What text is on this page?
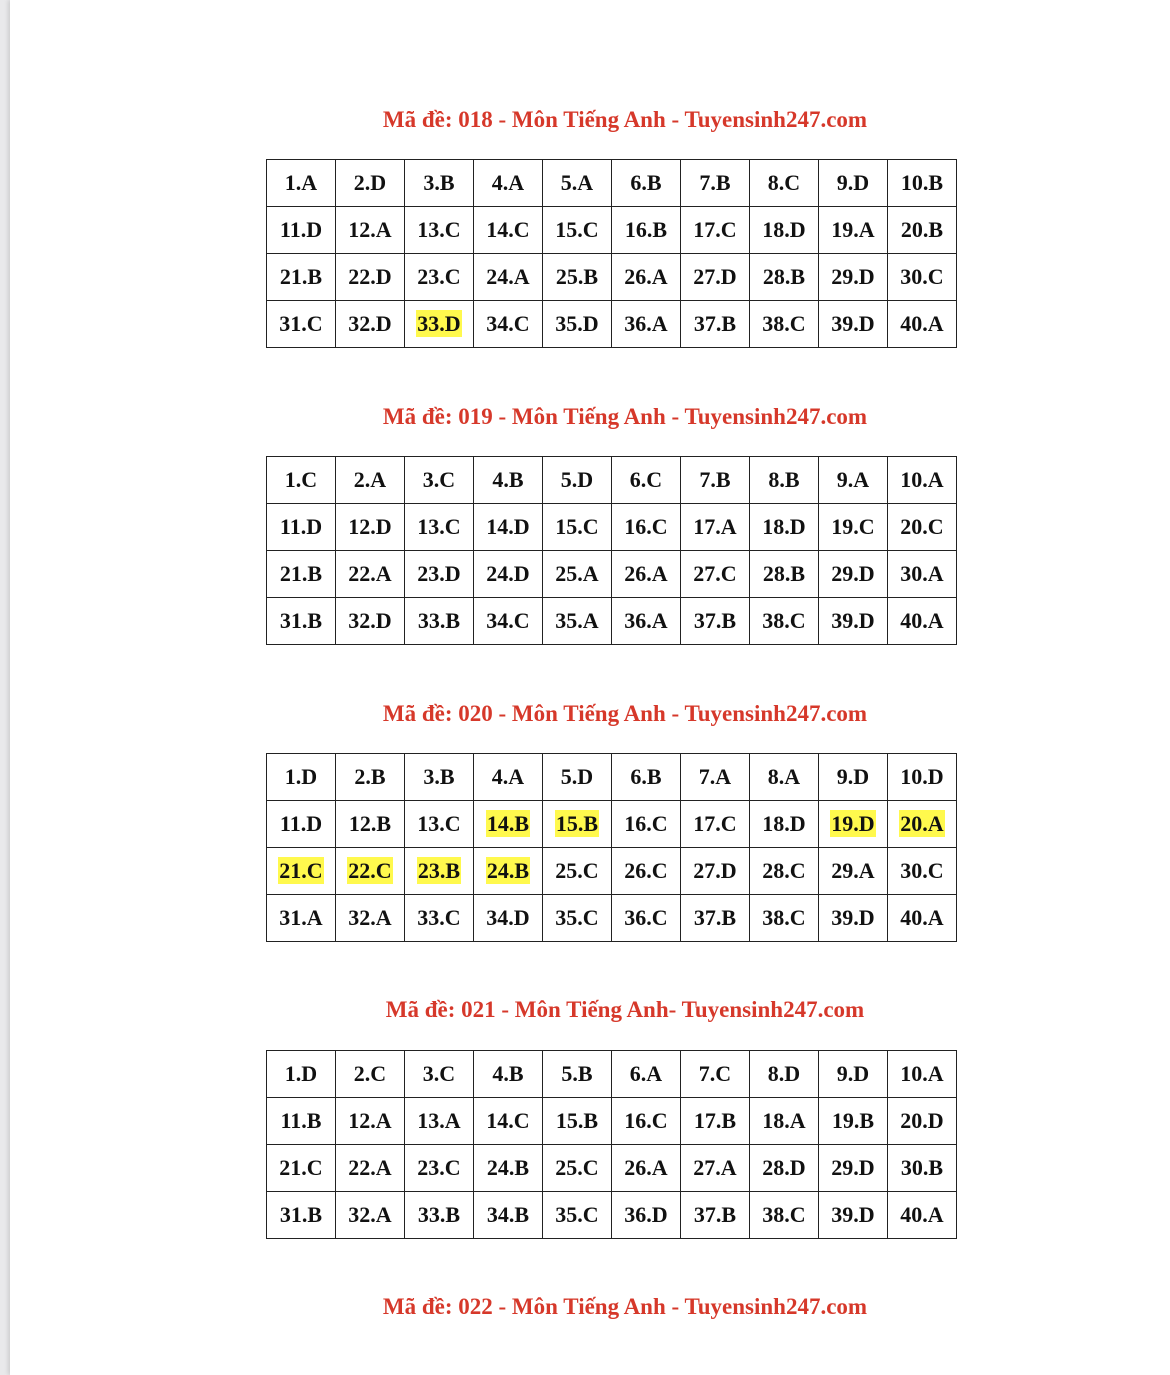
Mã đề: 018 - Môn Tiếng Anh - Tuyensinh247.com
1.A	2.D	3.B	4.A	5.A	6.B	7.B	8.C	9.D	10.B
11.D	12.A	13.C	14.C	15.C	16.B	17.C	18.D	19.A	20.B
21.B	22.D	23.C	24.A	25.B	26.A	27.D	28.B	29.D	30.C
31.C	32.D	33.D	34.C	35.D	36.A	37.B	38.C	39.D	40.A
Mã đề: 019 - Môn Tiếng Anh - Tuyensinh247.com
1.C	2.A	3.C	4.B	5.D	6.C	7.B	8.B	9.A	10.A
11.D	12.D	13.C	14.D	15.C	16.C	17.A	18.D	19.C	20.C
21.B	22.A	23.D	24.D	25.A	26.A	27.C	28.B	29.D	30.A
31.B	32.D	33.B	34.C	35.A	36.A	37.B	38.C	39.D	40.A
Mã đề: 020 - Môn Tiếng Anh - Tuyensinh247.com
1.D	2.B	3.B	4.A	5.D	6.B	7.A	8.A	9.D	10.D
11.D	12.B	13.C	14.B	15.B	16.C	17.C	18.D	19.D	20.A
21.C	22.C	23.B	24.B	25.C	26.C	27.D	28.C	29.A	30.C
31.A	32.A	33.C	34.D	35.C	36.C	37.B	38.C	39.D	40.A
Mã đề: 021 - Môn Tiếng Anh- Tuyensinh247.com
1.D	2.C	3.C	4.B	5.B	6.A	7.C	8.D	9.D	10.A
11.B	12.A	13.A	14.C	15.B	16.C	17.B	18.A	19.B	20.D
21.C	22.A	23.C	24.B	25.C	26.A	27.A	28.D	29.D	30.B
31.B	32.A	33.B	34.B	35.C	36.D	37.B	38.C	39.D	40.A
Mã đề: 022 - Môn Tiếng Anh - Tuyensinh247.com
